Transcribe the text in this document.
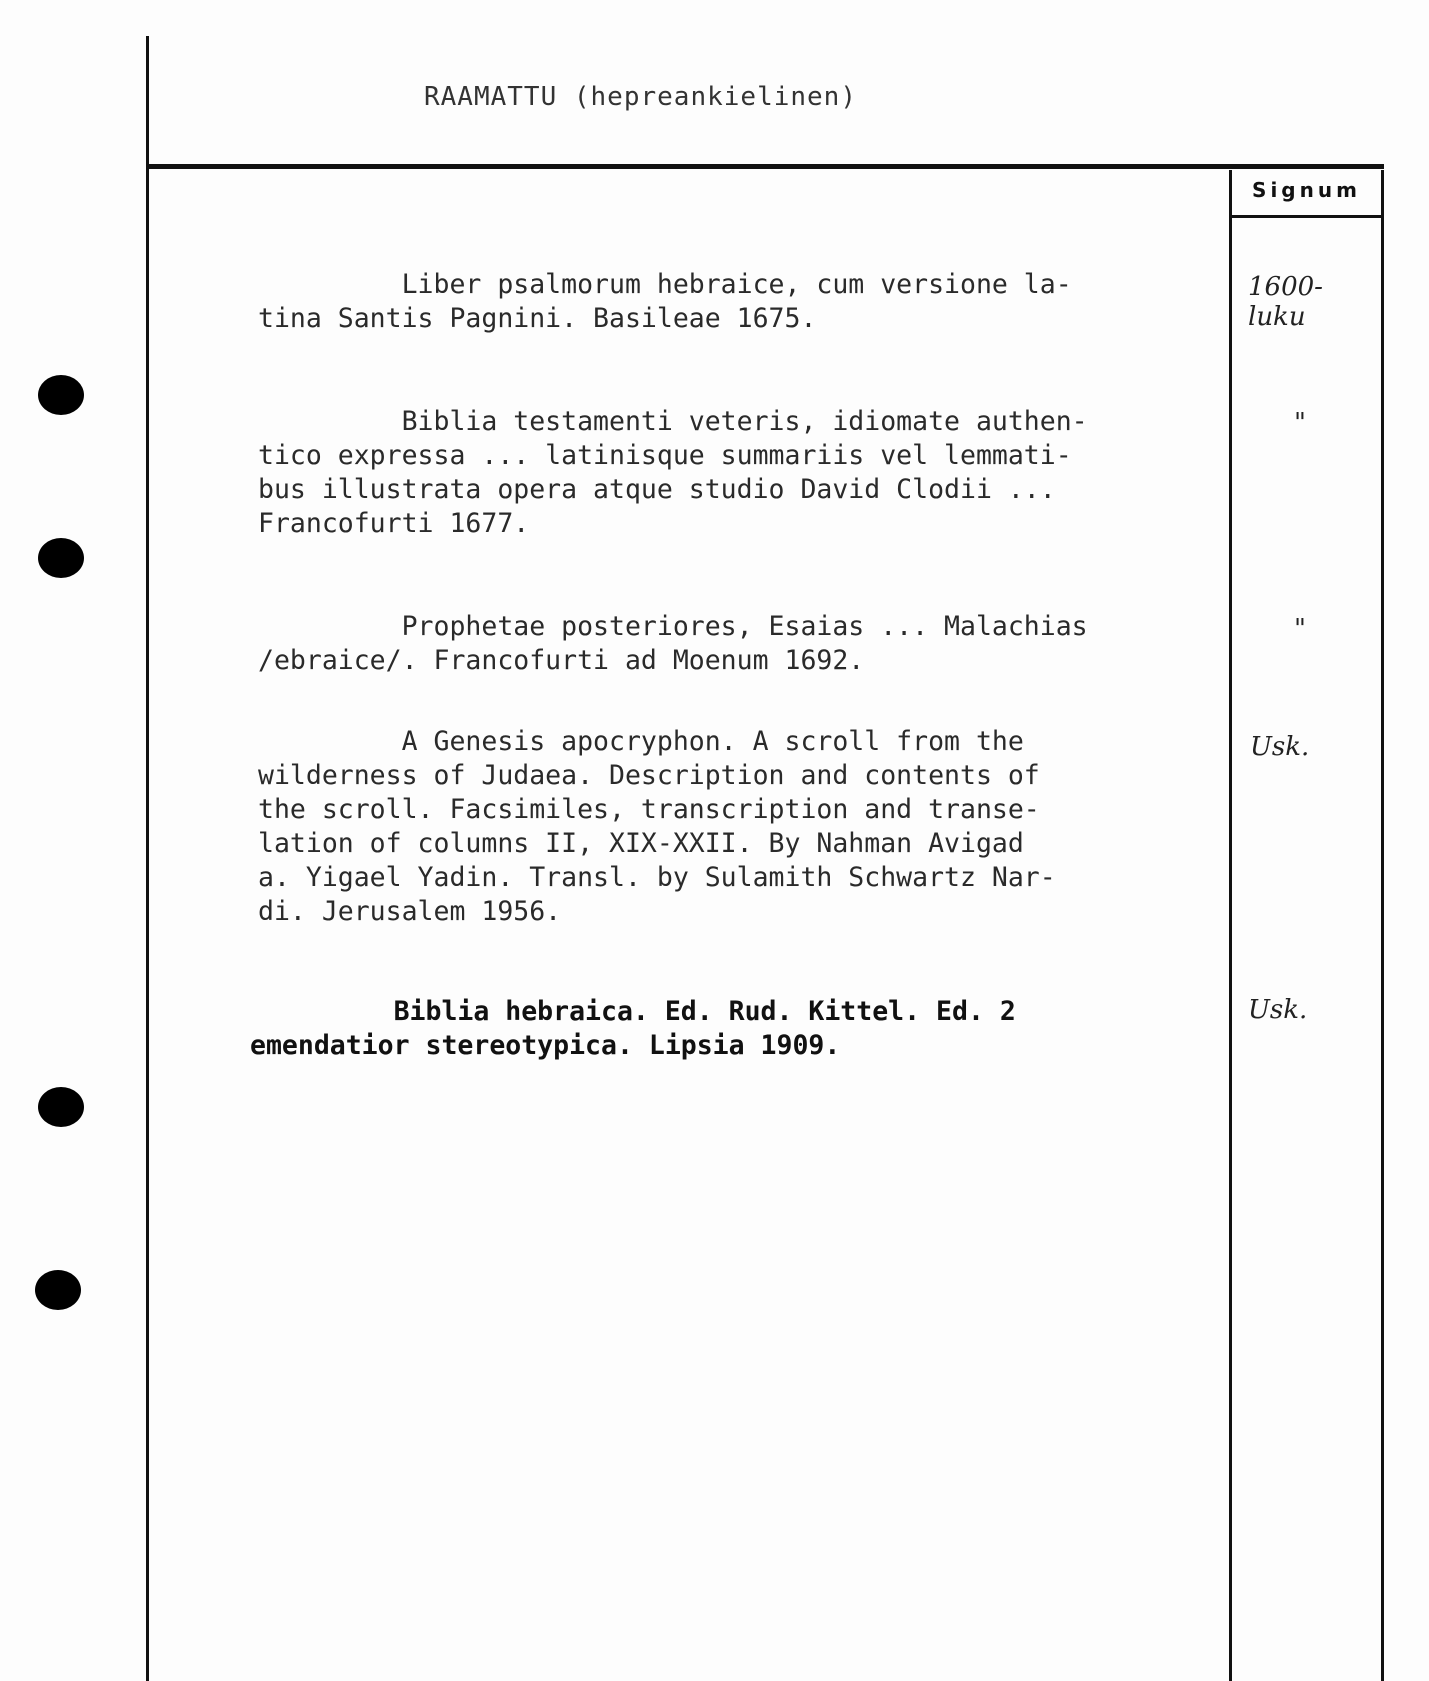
RAAMATTU (hepreankielinen)
Signum
Liber psalmorum hebraice, cum versione la-
tina Santis Pagnini. Basileae 1675.
1600-
luku
Biblia testamenti veteris, idiomate authen-
tico expressa ... latinisque summariis vel lemmati-
bus illustrata opera atque studio David Clodii ...
Francofurti 1677.
"
Prophetae posteriores, Esaias ... Malachias
/ebraice/. Francofurti ad Moenum 1692.
"
A Genesis apocryphon. A scroll from the
wilderness of Judaea. Description and contents of
the scroll. Facsimiles, transcription and transe-
lation of columns II, XIX-XXII. By Nahman Avigad
a. Yigael Yadin. Transl. by Sulamith Schwartz Nar-
di. Jerusalem 1956.
Usk.
Biblia hebraica. Ed. Rud. Kittel. Ed. 2
emendatior stereotypica. Lipsia 1909.
Usk.
